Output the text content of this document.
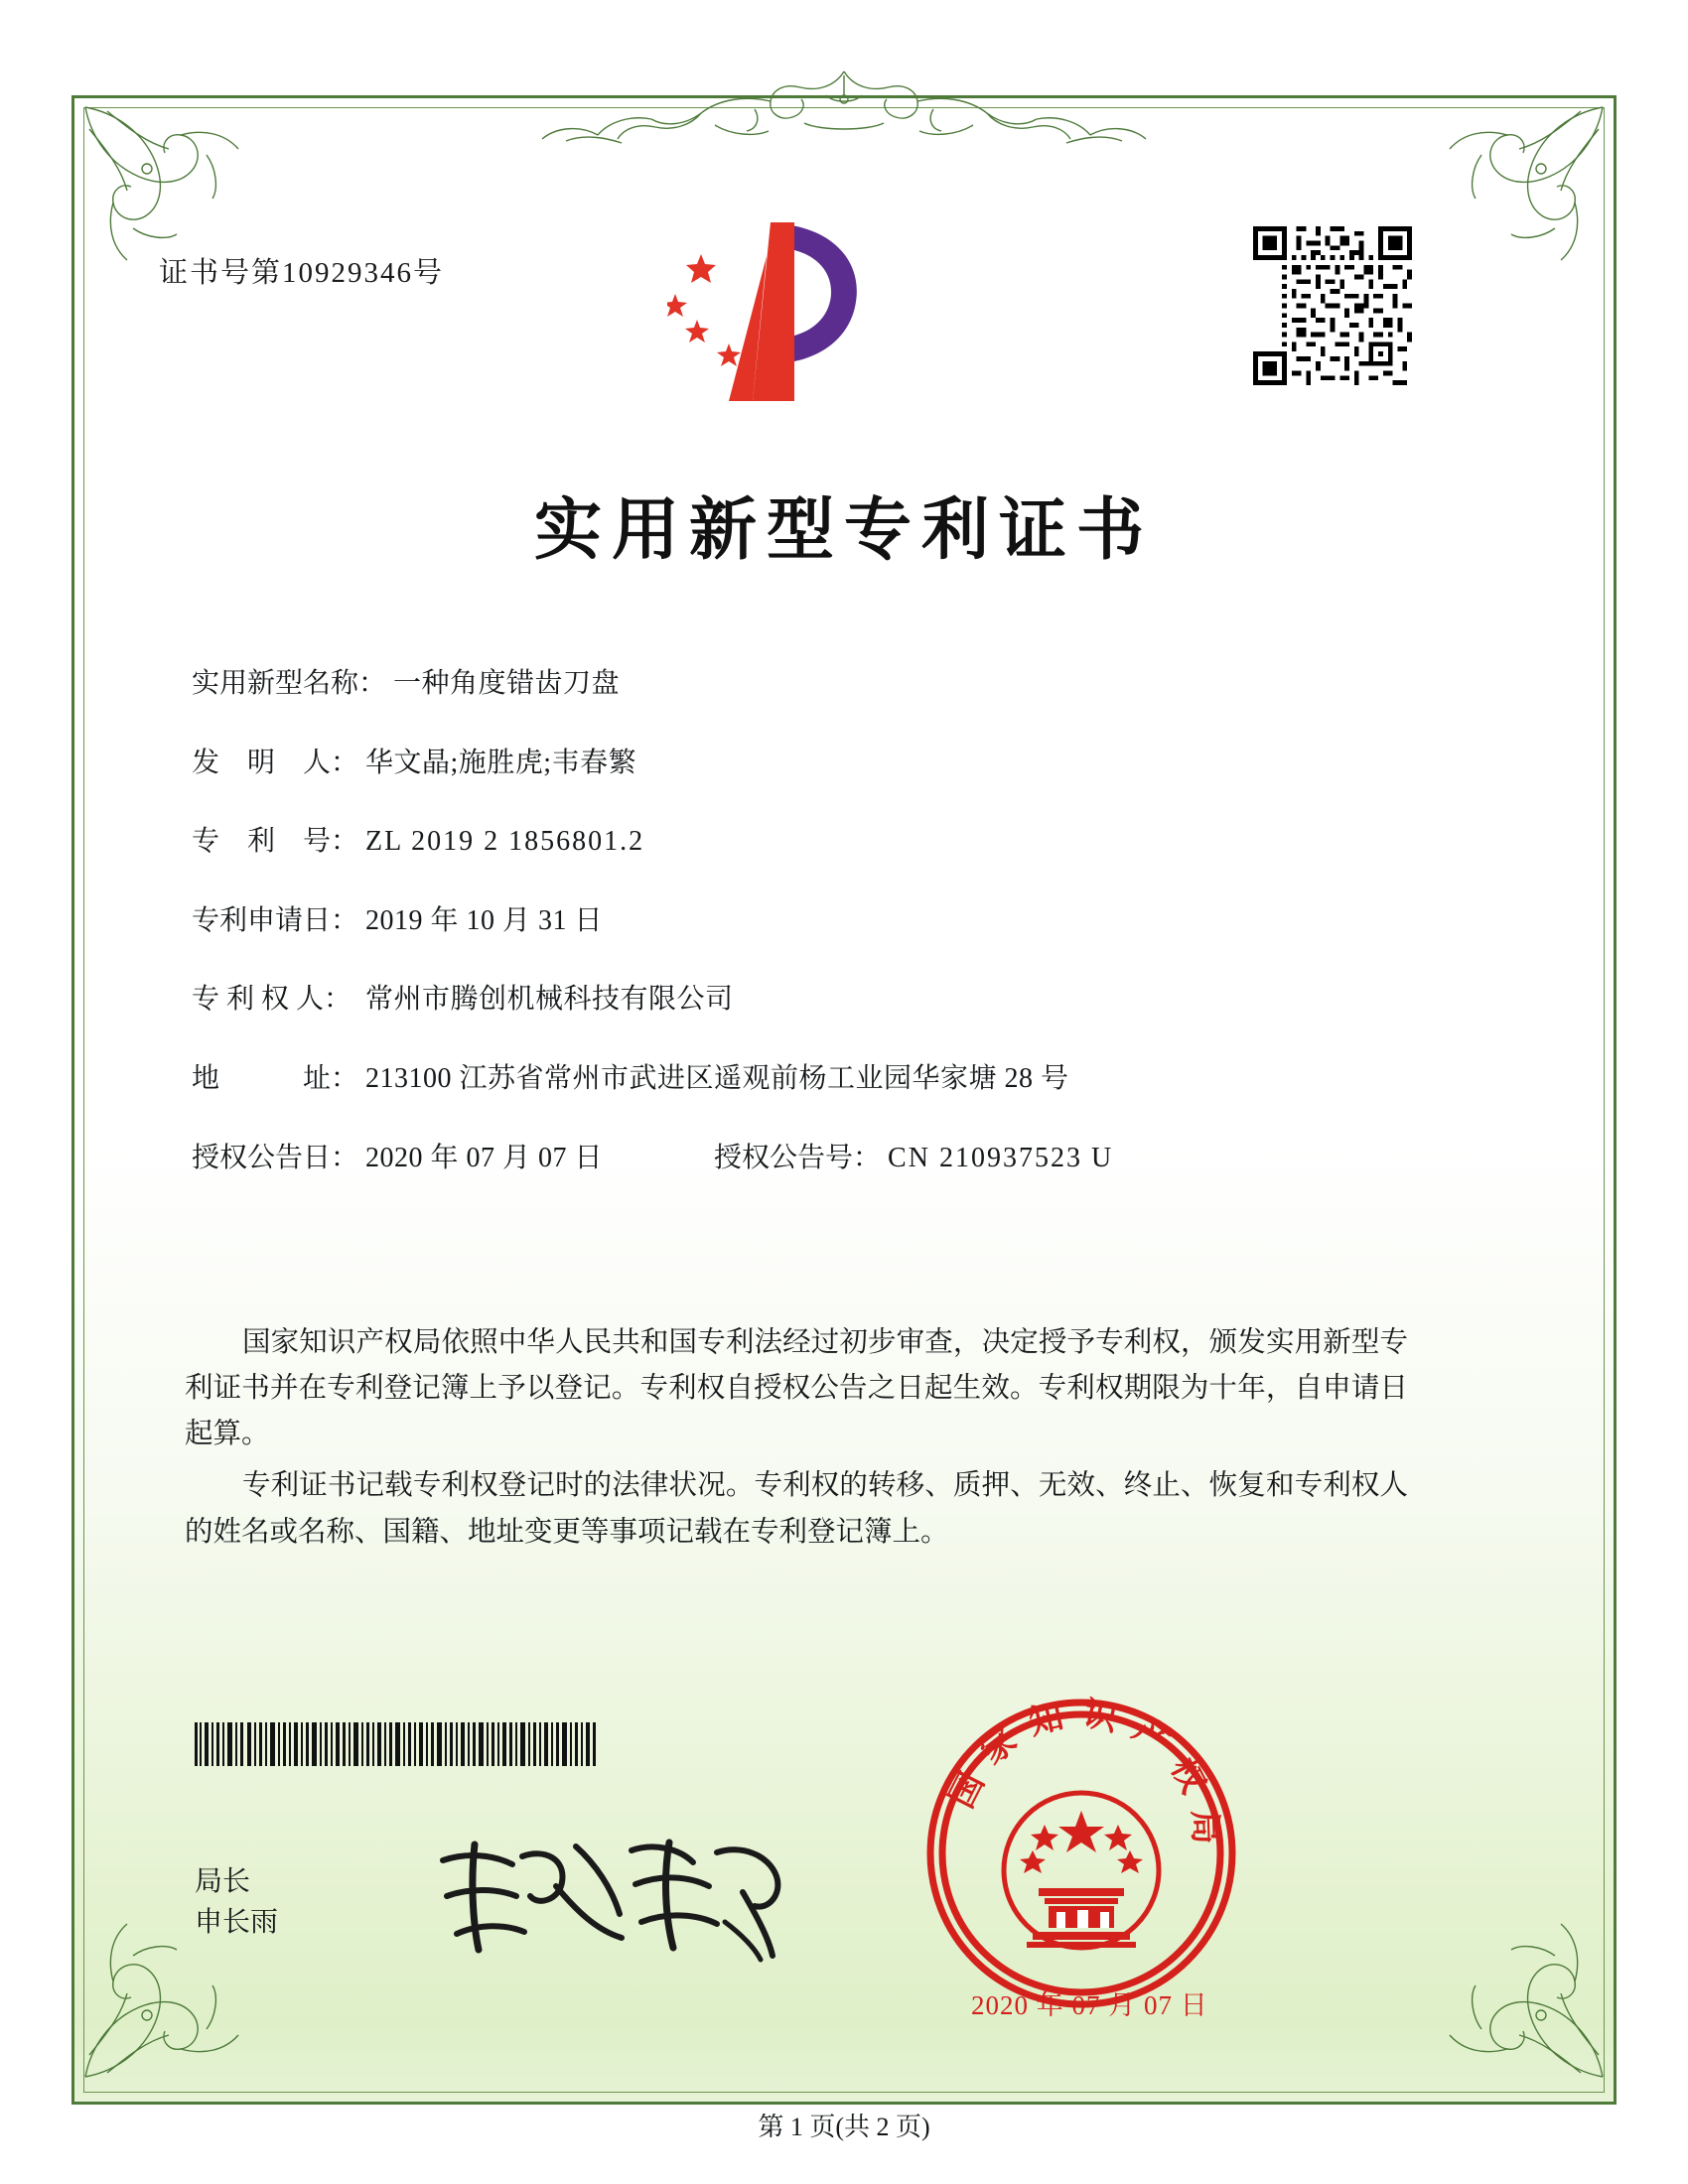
证书号第10929346号
实用新型专利证书
实用新型名称： 一种角度错齿刀盘
发　明　人： 华文晶;施胜虎;韦春繁
专　利　号： ZL 2019 2 1856801.2
专利申请日： 2019 年 10 月 31 日
专 利 权 人： 常州市腾创机械科技有限公司
地　　　址： 213100 江苏省常州市武进区遥观前杨工业园华家塘 28 号
授权公告日： 2020 年 07 月 07 日	授权公告号： CN 210937523 U

国家知识产权局依照中华人民共和国专利法经过初步审查，决定授予专利权，颁发实用新型专利证书并在专利登记簿上予以登记。专利权自授权公告之日起生效。专利权期限为十年，自申请日起算。

专利证书记载专利权登记时的法律状况。专利权的转移、质押、无效、终止、恢复和专利权人的姓名或名称、国籍、地址变更等事项记载在专利登记簿上。

局长
申长雨
国家知识产权局
2020 年 07 月 07 日
第 1 页(共 2 页)
